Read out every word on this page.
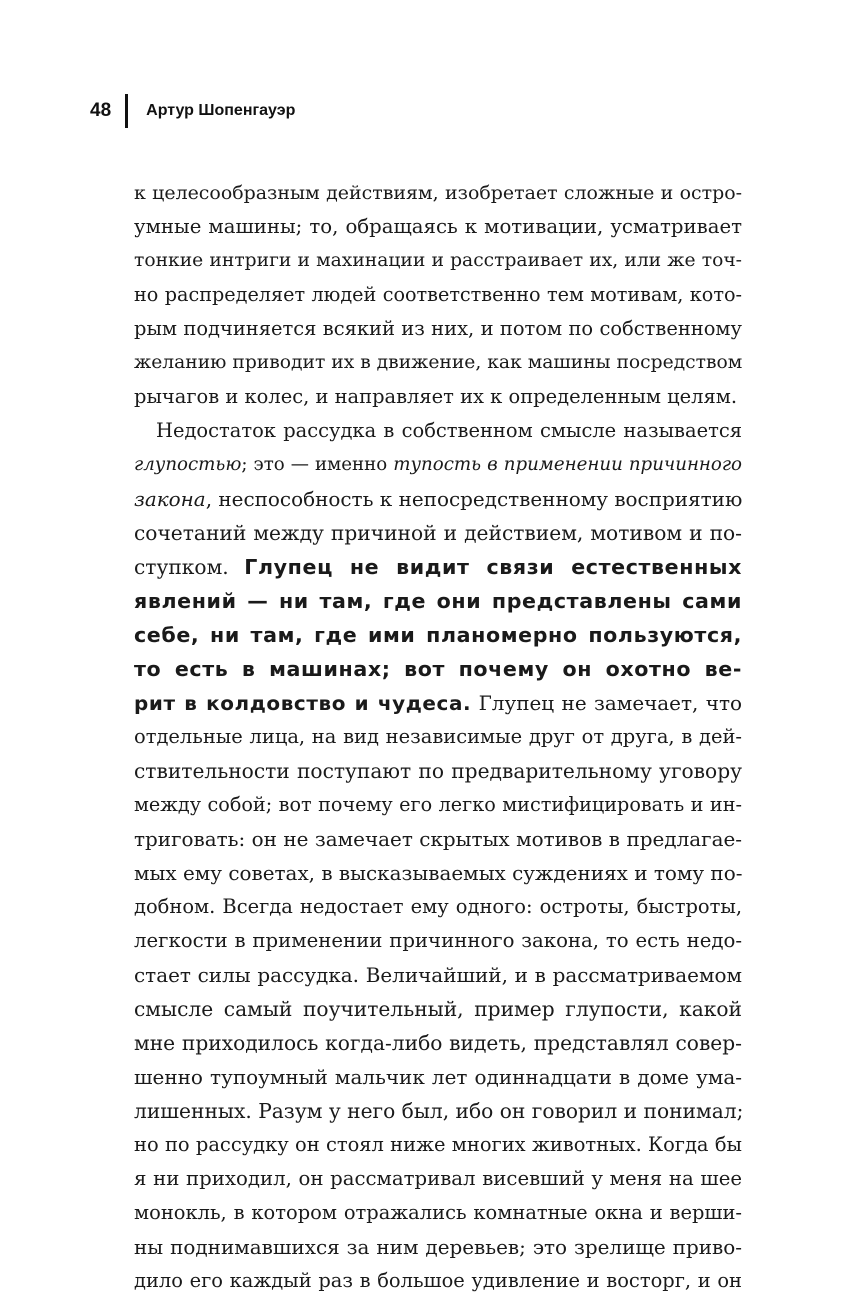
48 Артур Шопенгауэр
к целесообразным действиям, изобретает сложные и остро-
умные машины; то, обращаясь к мотивации, усматривает
тонкие интриги и махинации и расстраивает их, или же точ-
но распределяет людей соответственно тем мотивам, кото-
рым подчиняется всякий из них, и потом по собственному
желанию приводит их в движение, как машины посредством
рычагов и колес, и направляет их к определенным целям.
Недостаток рассудка в собственном смысле называется
глупостью; это — именно тупость в применении причинного
закона, неспособность к непосредственному восприятию
сочетаний между причиной и действием, мотивом и по-
ступком. Глупец не видит связи естественных
явлений — ни там, где они представлены сами
себе, ни там, где ими планомерно пользуются,
то есть в машинах; вот почему он охотно ве-
рит в колдовство и чудеса. Глупец не замечает, что
отдельные лица, на вид независимые друг от друга, в дей-
ствительности поступают по предварительному уговору
между собой; вот почему его легко мистифицировать и ин-
триговать: он не замечает скрытых мотивов в предлагае-
мых ему советах, в высказываемых суждениях и тому по-
добном. Всегда недостает ему одного: остроты, быстроты,
легкости в применении причинного закона, то есть недо-
стает силы рассудка. Величайший, и в рассматриваемом
смысле самый поучительный, пример глупости, какой
мне приходилось когда-либо видеть, представлял совер-
шенно тупоумный мальчик лет одиннадцати в доме ума-
лишенных. Разум у него был, ибо он говорил и понимал;
но по рассудку он стоял ниже многих животных. Когда бы
я ни приходил, он рассматривал висевший у меня на шее
монокль, в котором отражались комнатные окна и верши-
ны поднимавшихся за ним деревьев; это зрелище приво-
дило его каждый раз в большое удивление и восторг, и он
